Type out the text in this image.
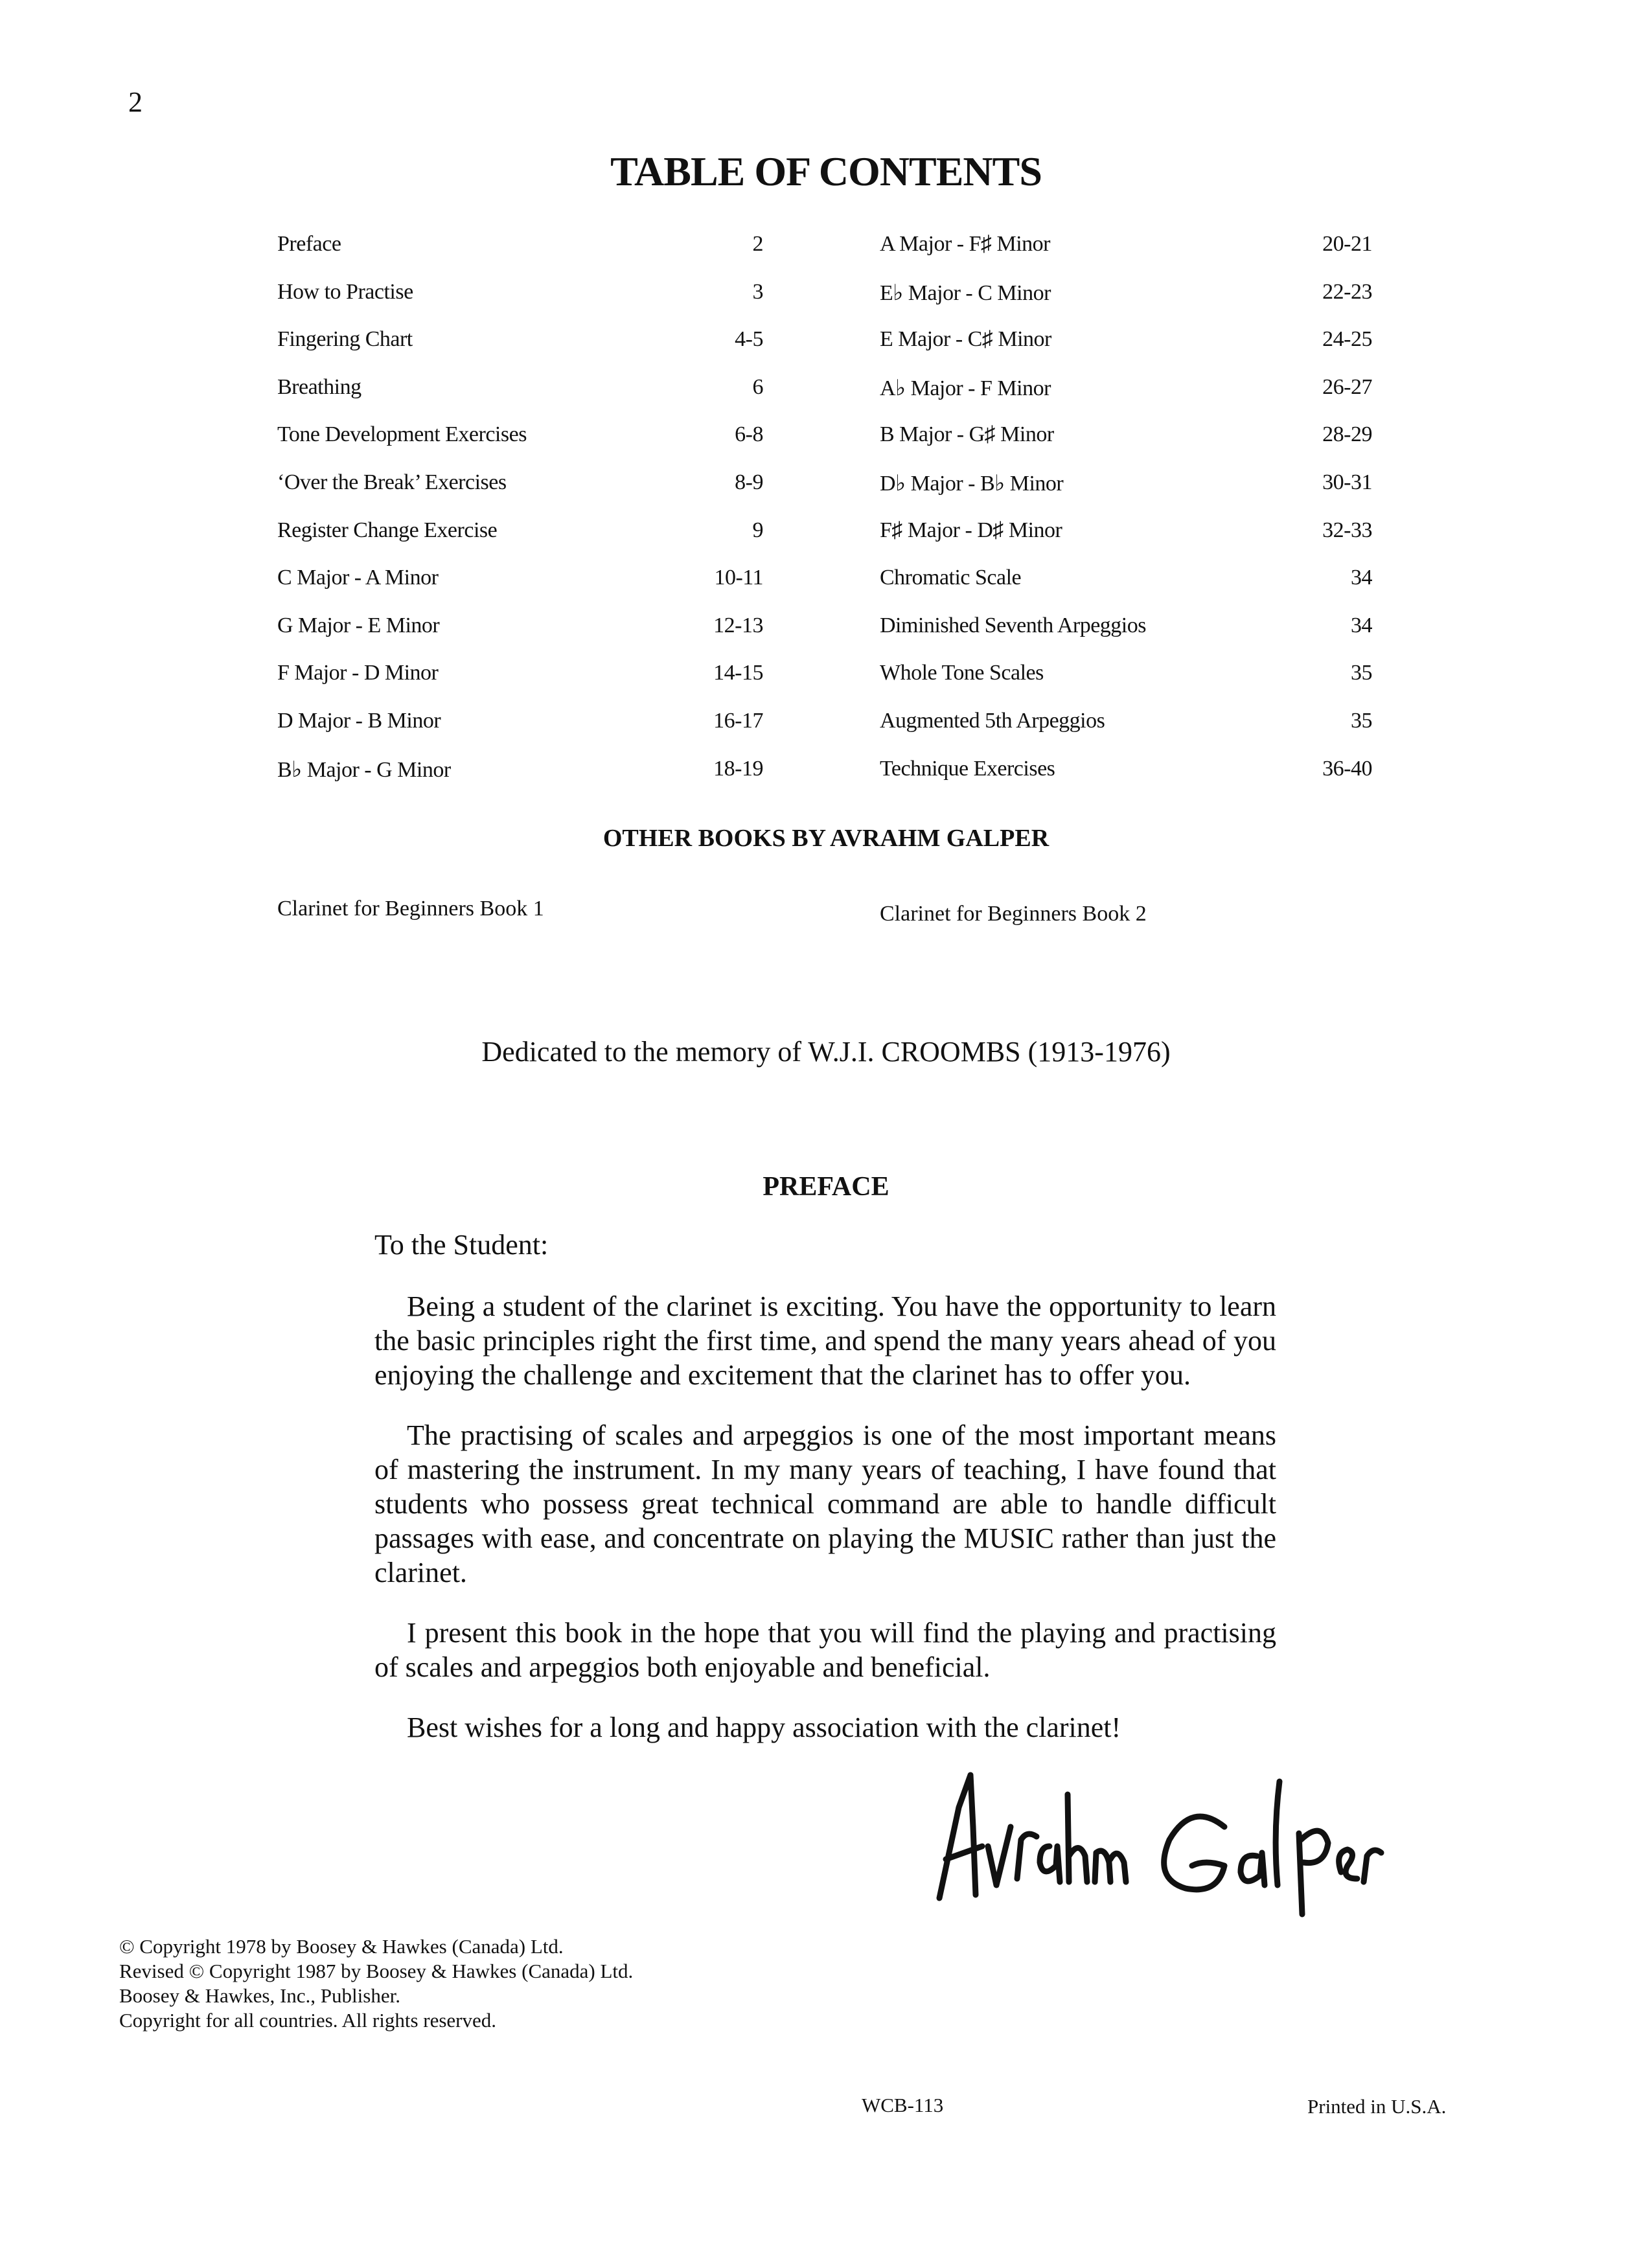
2
TABLE OF CONTENTS
Preface	2
How to Practise	3
Fingering Chart	4-5
Breathing	6
Tone Development Exercises	6-8
‘Over the Break’ Exercises	8-9
Register Change Exercise	9
C Major - A Minor	10-11
G Major - E Minor	12-13
F Major - D Minor	14-15
D Major - B Minor	16-17
B♭ Major - G Minor	18-19
A Major - F♯ Minor	20-21
E♭ Major - C Minor	22-23
E Major - C♯ Minor	24-25
A♭ Major - F Minor	26-27
B Major - G♯ Minor	28-29
D♭ Major - B♭ Minor	30-31
F♯ Major - D♯ Minor	32-33
Chromatic Scale	34
Diminished Seventh Arpeggios	34
Whole Tone Scales	35
Augmented 5th Arpeggios	35
Technique Exercises	36-40
OTHER BOOKS BY AVRAHM GALPER
Clarinet for Beginners Book 1	Clarinet for Beginners Book 2
Dedicated to the memory of W.J.I. CROOMBS (1913-1976)
PREFACE
To the Student:

Being a student of the clarinet is exciting. You have the opportunity to learn the basic principles right the first time, and spend the many years ahead of you enjoying the challenge and excitement that the clarinet has to offer you.

The practising of scales and arpeggios is one of the most important means of mastering the instrument. In my many years of teaching, I have found that students who possess great technical command are able to handle difficult passages with ease, and concentrate on playing the MUSIC rather than just the clarinet.

I present this book in the hope that you will find the playing and practising of scales and arpeggios both enjoyable and beneficial.

Best wishes for a long and happy association with the clarinet!

© Copyright 1978 by Boosey & Hawkes (Canada) Ltd.
Revised © Copyright 1987 by Boosey & Hawkes (Canada) Ltd.
Boosey & Hawkes, Inc., Publisher.
Copyright for all countries. All rights reserved.
WCB-113	Printed in U.S.A.
